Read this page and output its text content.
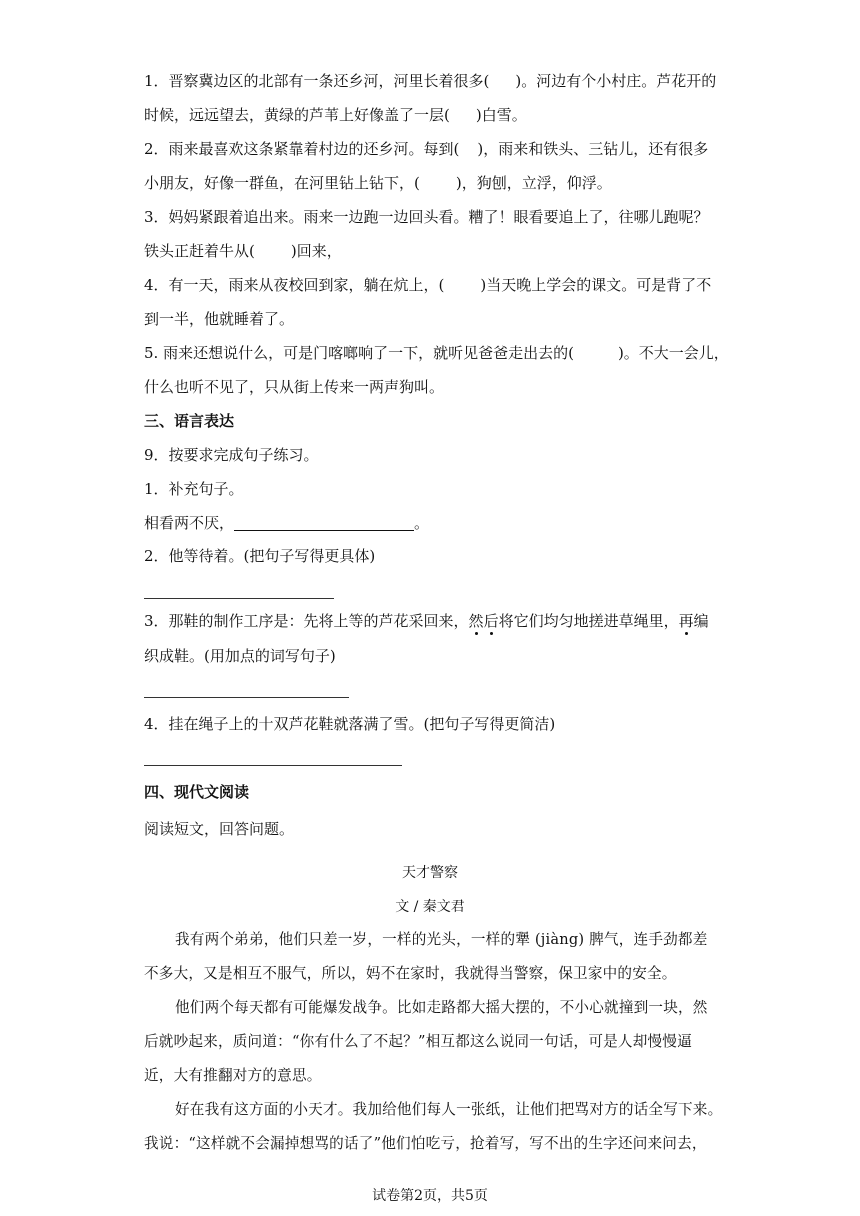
1．晋察冀边区的北部有一条还乡河，河里长着很多( )。河边有个小村庄。芦花开的
时候，远远望去，黄绿的芦苇上好像盖了一层( )白雪。
2．雨来最喜欢这条紧靠着村边的还乡河。每到( )，雨来和铁头、三钻儿，还有很多
小朋友，好像一群鱼，在河里钻上钻下，( )，狗刨，立浮，仰浮。
3．妈妈紧跟着追出来。雨来一边跑一边回头看。糟了！眼看要追上了，往哪儿跑呢？
铁头正赶着牛从( )回来，
4．有一天，雨来从夜校回到家，躺在炕上，( )当天晚上学会的课文。可是背了不
到一半，他就睡着了。
5. 雨来还想说什么，可是门喀啷响了一下，就听见爸爸走出去的(	)。不大一会儿，
什么也听不见了，只从街上传来一两声狗叫。
三、语言表达
9．按要求完成句子练习。
1．补充句子。
相看两不厌，	。
2．他等待着。(把句子写得更具体)
3．那鞋的制作工序是：先将上等的芦花采回来，然后将它们均匀地搓进草绳里，再编
织成鞋。(用加点的词写句子)
4．挂在绳子上的十双芦花鞋就落满了雪。(把句子写得更简洁)
四、现代文阅读
阅读短文，回答问题。
天才警察
文 / 秦文君
我有两个弟弟，他们只差一岁，一样的光头，一样的犟 (jiàng) 脾气，连手劲都差
不多大，又是相互不服气，所以，妈不在家时，我就得当警察，保卫家中的安全。
他们两个每天都有可能爆发战争。比如走路都大摇大摆的，不小心就撞到一块，然
后就吵起来，质问道：“你有什么了不起？”相互都这么说同一句话，可是人却慢慢逼
近，大有推翻对方的意思。
好在我有这方面的小天才。我加给他们每人一张纸，让他们把骂对方的话全写下来。
我说：“这样就不会漏掉想骂的话了”他们怕吃亏，抢着写，写不出的生字还问来问去，
试卷第2页，共5页
